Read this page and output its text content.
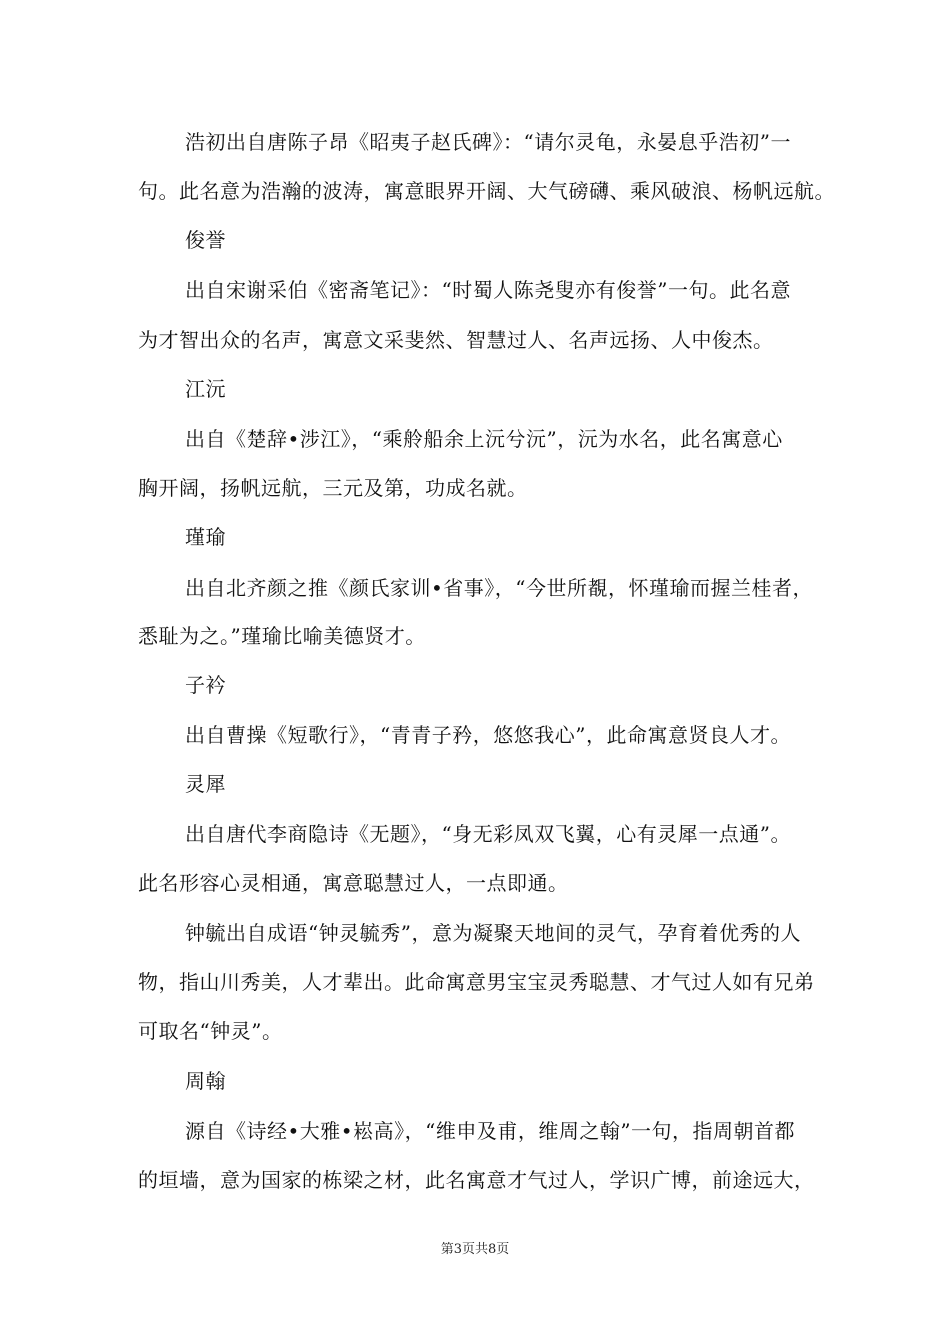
浩初出自唐陈子昂《昭夷子赵氏碑》：“请尔灵龟，永晏息乎浩初”一
句。此名意为浩瀚的波涛，寓意眼界开阔、大气磅礴、乘风破浪、杨帆远航。
俊誉
出自宋谢采伯《密斋笔记》：“时蜀人陈尧叟亦有俊誉”一句。此名意
为才智出众的名声，寓意文采斐然、智慧过人、名声远扬、人中俊杰。
江沅
出自《楚辞•涉江》，“乘舲船余上沅兮沅”，沅为水名，此名寓意心
胸开阔，扬帆远航，三元及第，功成名就。
瑾瑜
出自北齐颜之推《颜氏家训•省事》，“今世所覩，怀瑾瑜而握兰桂者，
悉耻为之。”瑾瑜比喻美德贤才。
子衿
出自曹操《短歌行》，“青青子矜，悠悠我心”，此命寓意贤良人才。
灵犀
出自唐代李商隐诗《无题》，“身无彩凤双飞翼，心有灵犀一点通”。
此名形容心灵相通，寓意聪慧过人，一点即通。
钟毓出自成语“钟灵毓秀”，意为凝聚天地间的灵气，孕育着优秀的人
物，指山川秀美，人才辈出。此命寓意男宝宝灵秀聪慧、才气过人如有兄弟
可取名“钟灵”。
周翰
源自《诗经•大雅•崧高》，“维申及甫，维周之翰”一句，指周朝首都
的垣墙，意为国家的栋梁之材，此名寓意才气过人，学识广博，前途远大，
第3页共8页
